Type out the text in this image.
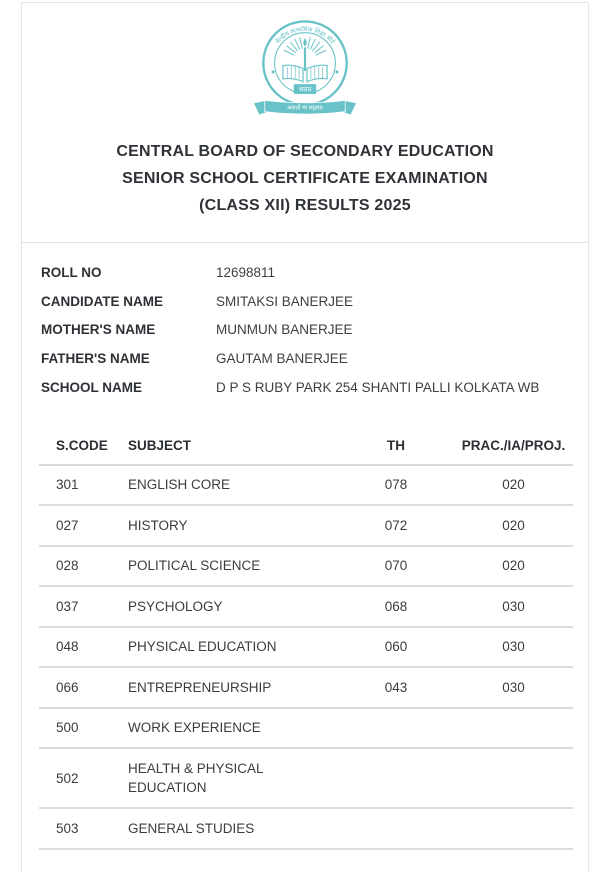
केन्द्रीय माध्यमिक शिक्षा बोर्ड
भारत
असतो मा सद्गमय
CENTRAL BOARD OF SECONDARY EDUCATION
SENIOR SCHOOL CERTIFICATE EXAMINATION
(CLASS XII) RESULTS 2025
ROLL NO	12698811
CANDIDATE NAME	SMITAKSI BANERJEE
MOTHER'S NAME	MUNMUN BANERJEE
FATHER'S NAME	GAUTAM BANERJEE
SCHOOL NAME	D P S RUBY PARK 254 SHANTI PALLI KOLKATA WB
S.CODE	SUBJECT	TH	PRAC./IA/PROJ.
301	ENGLISH CORE	078	020
027	HISTORY	072	020
028	POLITICAL SCIENCE	070	020
037	PSYCHOLOGY	068	030
048	PHYSICAL EDUCATION	060	030
066	ENTREPRENEURSHIP	043	030
500	WORK EXPERIENCE		
502	HEALTH & PHYSICAL EDUCATION		
503	GENERAL STUDIES		
